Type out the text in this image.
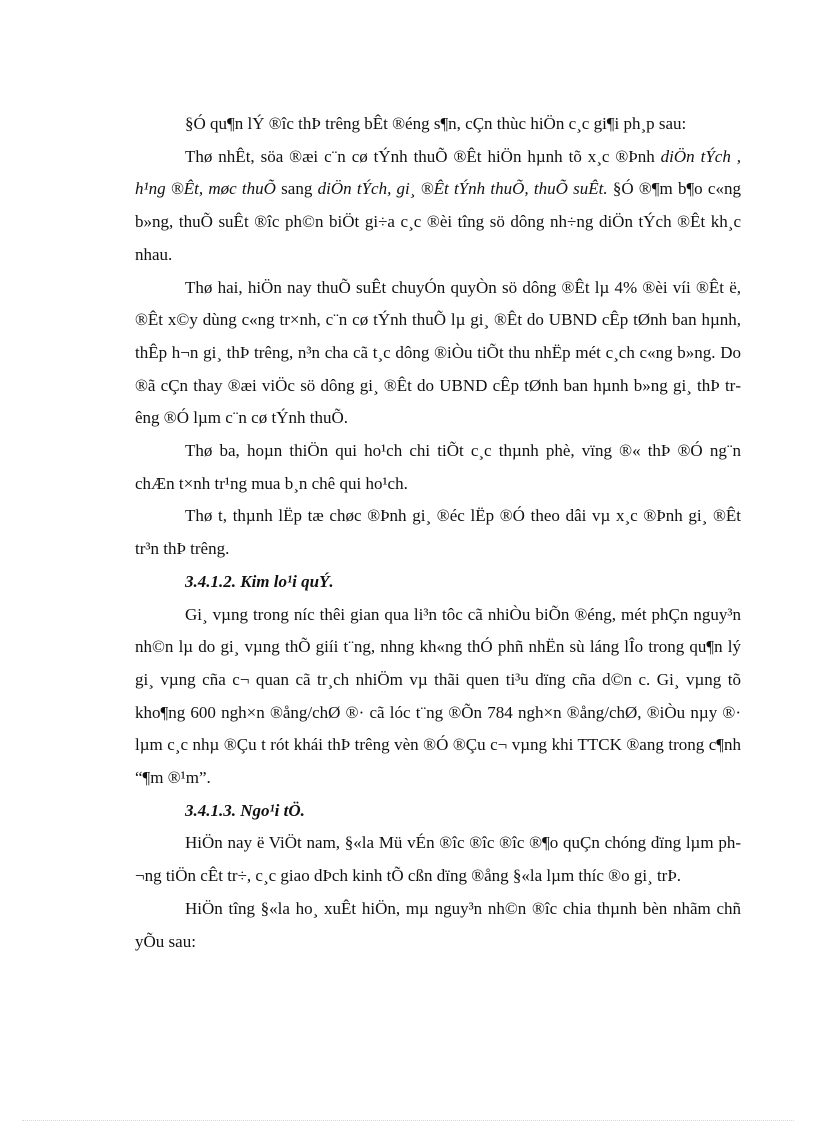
§Ó qu¶n lÝ ®îc thÞ trêng bÊt ®éng s¶n, cÇn thùc hiÖn c¸c gi¶i ph¸p sau:

Thø nhÊt, söa ®æi c¨n cø tÝnh thuÕ ®Êt hiÖn hµnh tõ x¸c ®Þnh diÖn tÝch , h¹ng ®Êt, møc thuÕ sang diÖn tÝch, gi¸ ®Êt tÝnh thuÕ, thuÕ suÊt. §Ó ®¶m b¶o c«ng b»ng, thuÕ suÊt ®îc ph©n biÖt gi÷a c¸c ®èi tîng sö dông nh÷ng diÖn tÝch ®Êt kh¸c nhau.

Thø hai, hiÖn nay thuÕ suÊt chuyÓn quyÒn sö dông ®Êt lµ 4% ®èi víi ®Êt ë, ®Êt x©y dùng c«ng tr×nh, c¨n cø tÝnh thuÕ lµ gi¸ ®Êt do UBND cÊp tØnh ban hµnh, thÊp h¬n gi¸ thÞ trêng, n³n cha cã t¸c dông ®iÒu tiÕt thu nhËp mét c¸ch c«ng b»ng. Do ®ã cÇn thay ®æi viÖc sö dông gi¸ ®Êt do UBND cÊp tØnh ban hµnh b»ng gi¸ thÞ trêng ®Ó lµm c¨n cø tÝnh thuÕ.

Thø ba, hoµn thiÖn qui ho¹ch chi tiÕt c¸c thµnh phè, vïng ®« thÞ ®Ó ng¨n chÆn t×nh tr¹ng mua b¸n chê qui ho¹ch.

Thø t, thµnh lËp tæ chøc ®Þnh gi¸ ®éc lËp ®Ó theo dâi vµ x¸c ®Þnh gi¸ ®Êt tr³n thÞ trêng.

3.4.1.2. Kim lo¹i quÝ.

Gi¸ vµng trong níc thêi gian qua li³n tôc cã nhiÒu biÕn ®éng, mét phÇn nguy³n nh©n lµ do gi¸ vµng thÕ giíi t¨ng, nhng kh«ng thÓ phñ nhËn sù láng lÎo trong qu¶n lý gi¸ vµng cña c¬ quan cã tr¸ch nhiÖm vµ thãi quen ti³u dïng cña d©n c. Gi¸ vµng tõ kho¶ng 600 ngh×n ®ång/chØ ®· cã lóc t¨ng ®Õn 784 ngh×n ®ång/chØ, ®iÒu nµy ®· lµm c¸c nhµ ®Çu t rót khái thÞ trêng vèn ®Ó ®Çu c¬ vµng khi TTCK ®ang trong c¶nh “¶m ®¹m”.

3.4.1.3. Ngo¹i tÖ.

HiÖn nay ë ViÖt nam, §«la Mü vÉn ®îc ®îc ®îc ®¶o quÇn chóng dïng lµm ph¬ng tiÖn cÊt tr÷, c¸c giao dÞch kinh tÕ cßn dïng ®ång §«la lµm thíc ®o gi¸ trÞ.

HiÖn tîng §«la ho¸ xuÊt hiÖn, mµ nguy³n nh©n ®îc chia thµnh bèn nhãm chñ yÕu sau:
